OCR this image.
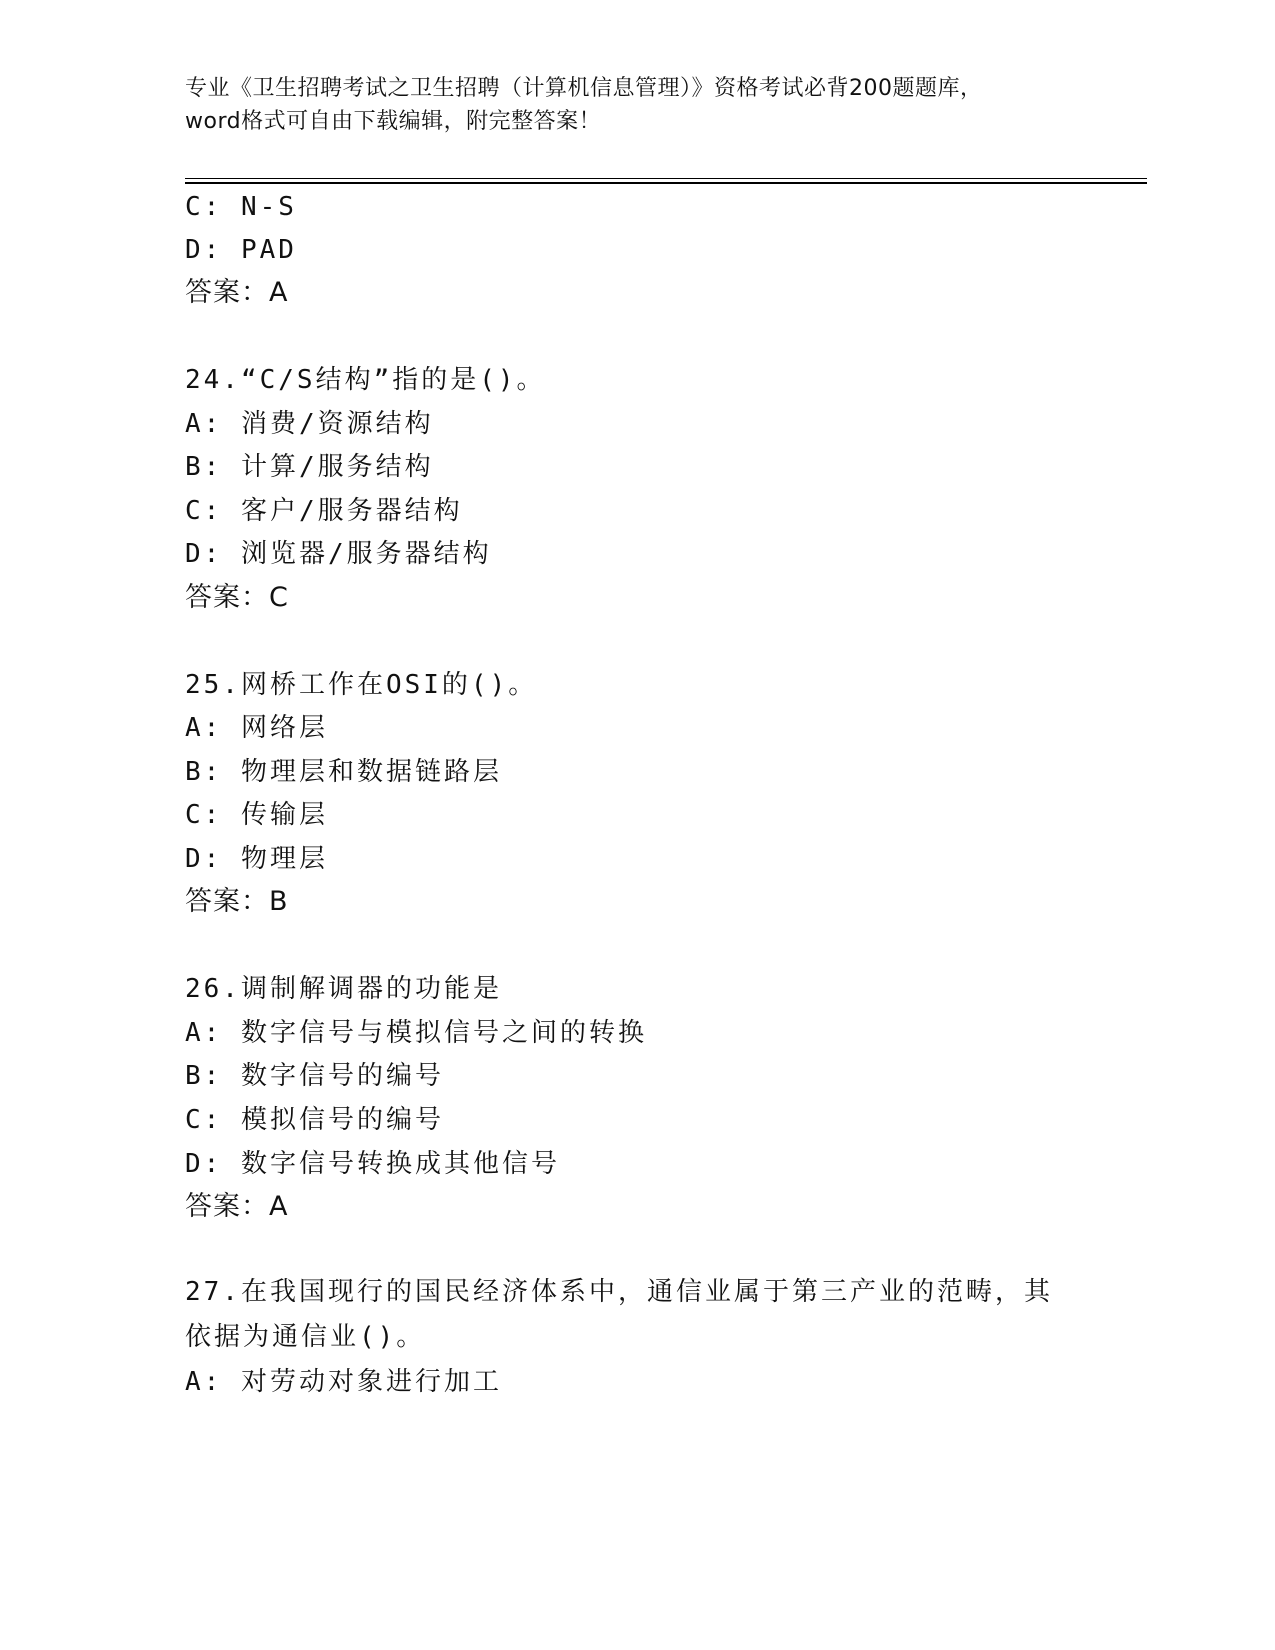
专业《卫生招聘考试之卫生招聘（计算机信息管理）》资格考试必背200题题库，
word格式可自由下载编辑，附完整答案！
C: N-S
D: PAD
答案：A
24.“C/S结构”指的是()。
A: 消费/资源结构
B: 计算/服务结构
C: 客户/服务器结构
D: 浏览器/服务器结构
答案：C
25.网桥工作在OSI的()。
A: 网络层
B: 物理层和数据链路层
C: 传输层
D: 物理层
答案：B
26.调制解调器的功能是
A: 数字信号与模拟信号之间的转换
B: 数字信号的编号
C: 模拟信号的编号
D: 数字信号转换成其他信号
答案：A
27.在我国现行的国民经济体系中，通信业属于第三产业的范畴，其依据为通信业()。
A: 对劳动对象进行加工
